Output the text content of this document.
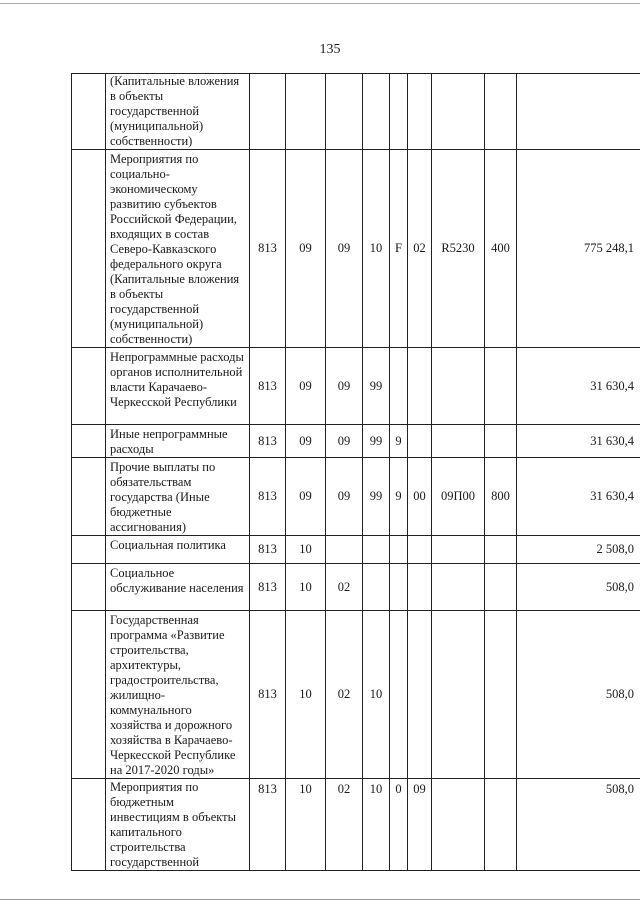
135
	(Капитальные вложения в объекты государственной (муниципальной) собственности)									
	Мероприятия по социально-экономическому развитию субъектов Российской Федерации, входящих в состав Северо-Кавказского федерального округа (Капитальные вложения в объекты государственной (муниципальной) собственности)	813	09	09	10	F	02	R5230	400	775 248,1
	Непрограммные расходы органов исполнительной власти Карачаево-Черкесской Республики	813	09	09	99					31 630,4
	Иные непрограммные расходы	813	09	09	99	9				31 630,4
	Прочие выплаты по обязательствам государства (Иные бюджетные ассигнования)	813	09	09	99	9	00	09П00	800	31 630,4
	Социальная политика	813	10							2 508,0
	Социальное обслуживание населения	813	10	02						508,0
	Государственная программа «Развитие строительства, архитектуры, градостроительства, жилищно-коммунального хозяйства и дорожного хозяйства в Карачаево-Черкесской Республике на 2017-2020 годы»	813	10	02	10					508,0
	Мероприятия по бюджетным инвестициям в объекты капитального строительства государственной	813	10	02	10	0	09			508,0
